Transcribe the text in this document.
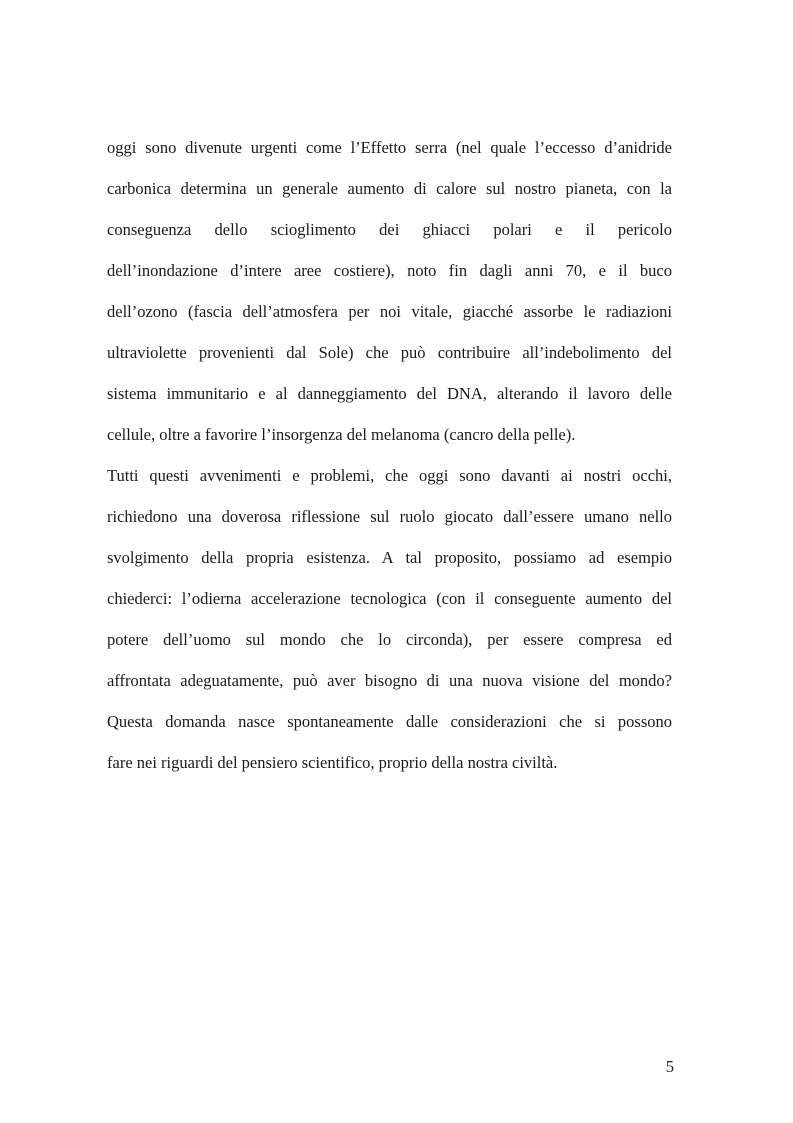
oggi sono divenute urgenti come l’Effetto serra (nel quale l’eccesso d’anidride
carbonica determina un generale aumento di calore sul nostro pianeta, con la
conseguenza dello scioglimento dei ghiacci polari e il pericolo
dell’inondazione d’intere aree costiere), noto fin dagli anni 70, e il buco
dell’ozono (fascia dell’atmosfera per noi vitale, giacché assorbe le radiazioni
ultraviolette provenienti dal Sole) che può contribuire all’indebolimento del
sistema immunitario e al danneggiamento del DNA, alterando il lavoro delle
cellule, oltre a favorire l’insorgenza del melanoma (cancro della pelle).

Tutti questi avvenimenti e problemi, che oggi sono davanti ai nostri occhi,
richiedono una doverosa riflessione sul ruolo giocato dall’essere umano nello
svolgimento della propria esistenza. A tal proposito, possiamo ad esempio
chiederci: l’odierna accelerazione tecnologica (con il conseguente aumento del
potere dell’uomo sul mondo che lo circonda), per essere compresa ed
affrontata adeguatamente, può aver bisogno di una nuova visione del mondo?
Questa domanda nasce spontaneamente dalle considerazioni che si possono
fare nei riguardi del pensiero scientifico, proprio della nostra civiltà.

5
